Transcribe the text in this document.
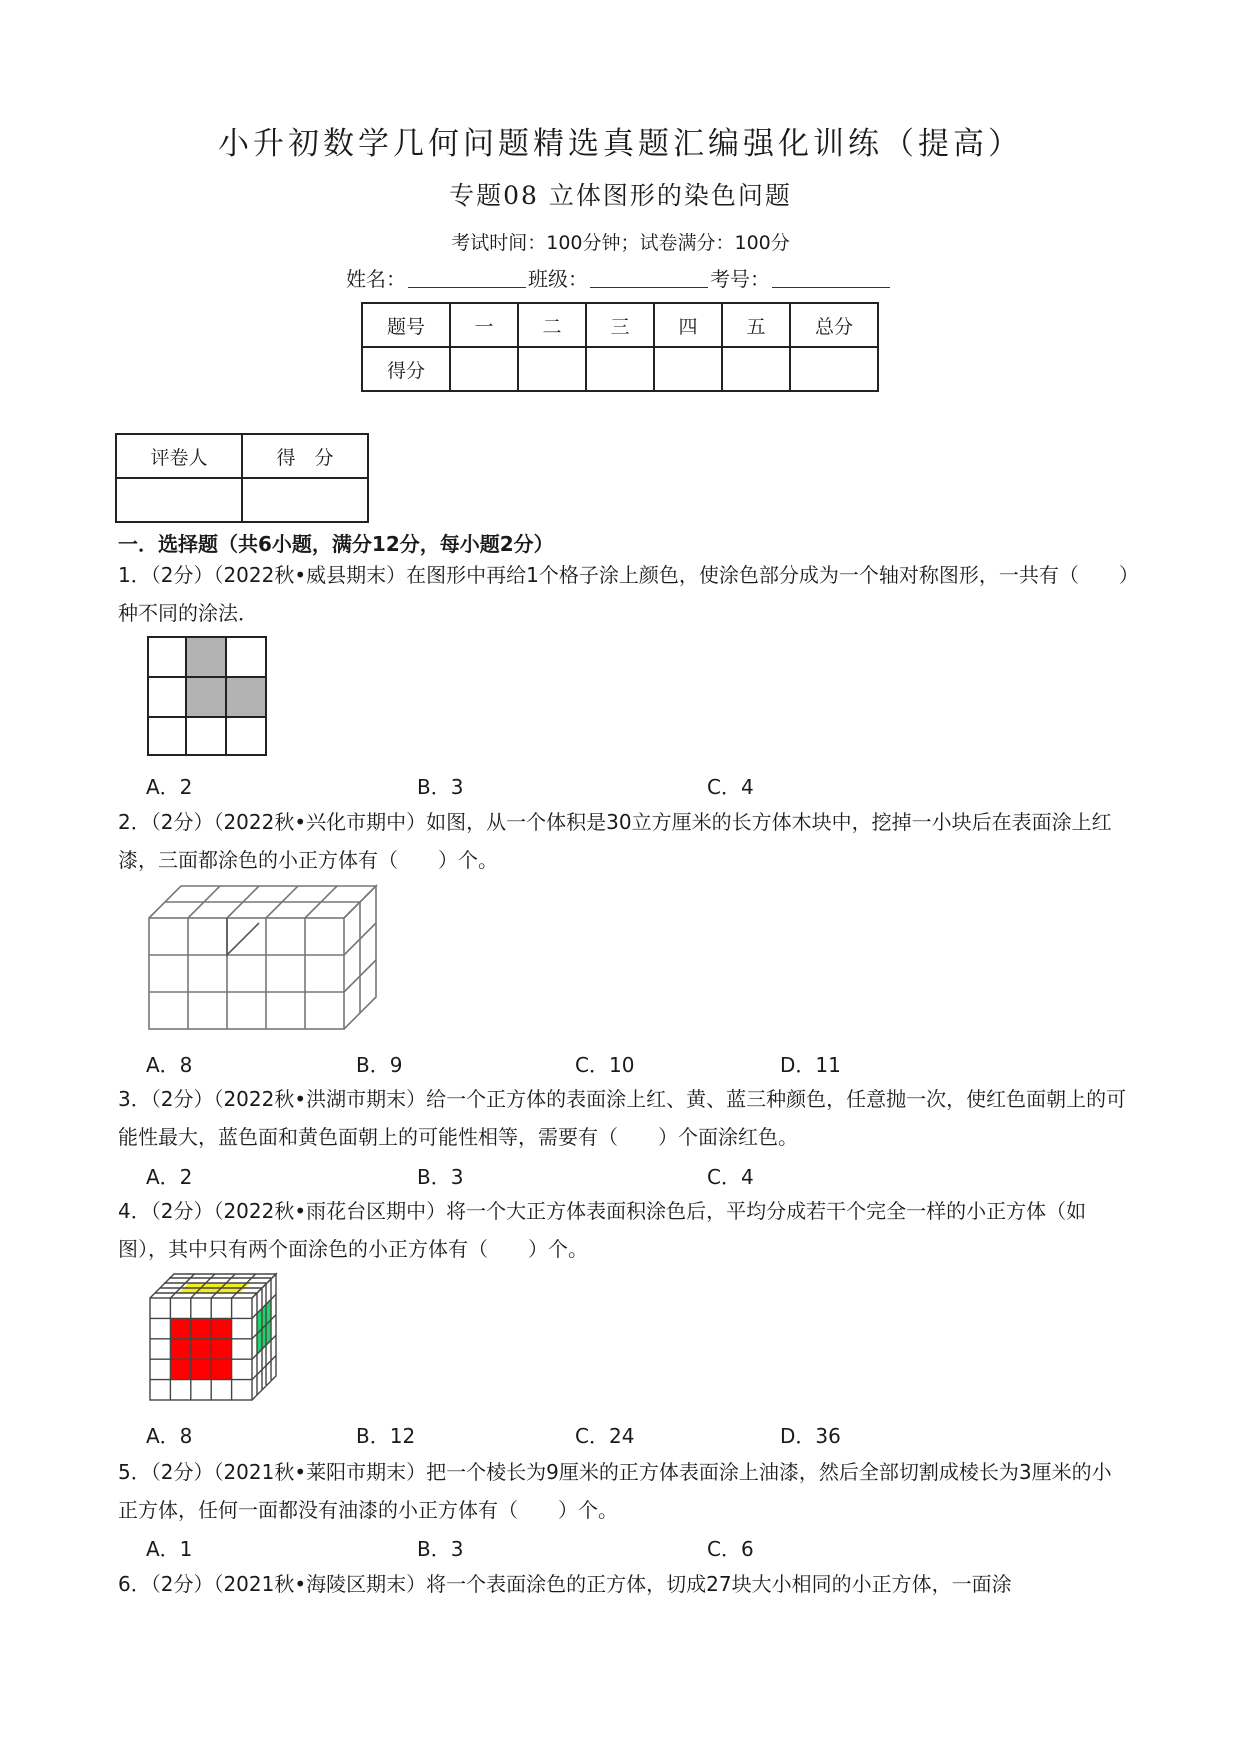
小升初数学几何问题精选真题汇编强化训练（提高）
专题08 立体图形的染色问题
考试时间：100分钟；试卷满分：100分
姓名：	班级：	考号：
题号	一	二	三	四	五	总分
得分						
评卷人	得　分

一．选择题（共6小题，满分12分，每小题2分）
1．（2分）（2022秋•威县期末）在图形中再给1个格子涂上颜色，使涂色部分成为一个轴对称图形，一共有（　　）种不同的涂法．
A．2	B．3	C．4
2．（2分）（2022秋•兴化市期中）如图，从一个体积是30立方厘米的长方体木块中，挖掉一小块后在表面涂上红漆，三面都涂色的小正方体有（　　）个。
A．8	B．9	C．10	D．11
3．（2分）（2022秋•洪湖市期末）给一个正方体的表面涂上红、黄、蓝三种颜色，任意抛一次，使红色面朝上的可能性最大，蓝色面和黄色面朝上的可能性相等，需要有（　　）个面涂红色。
A．2	B．3	C．4
4．（2分）（2022秋•雨花台区期中）将一个大正方体表面积涂色后，平均分成若干个完全一样的小正方体（如图），其中只有两个面涂色的小正方体有（　　）个。
A．8	B．12	C．24	D．36
5．（2分）（2021秋•莱阳市期末）把一个棱长为9厘米的正方体表面涂上油漆，然后全部切割成棱长为3厘米的小正方体，任何一面都没有油漆的小正方体有（　　）个。
A．1	B．3	C．6
6．（2分）（2021秋•海陵区期末）将一个表面涂色的正方体，切成27块大小相同的小正方体，一面涂
